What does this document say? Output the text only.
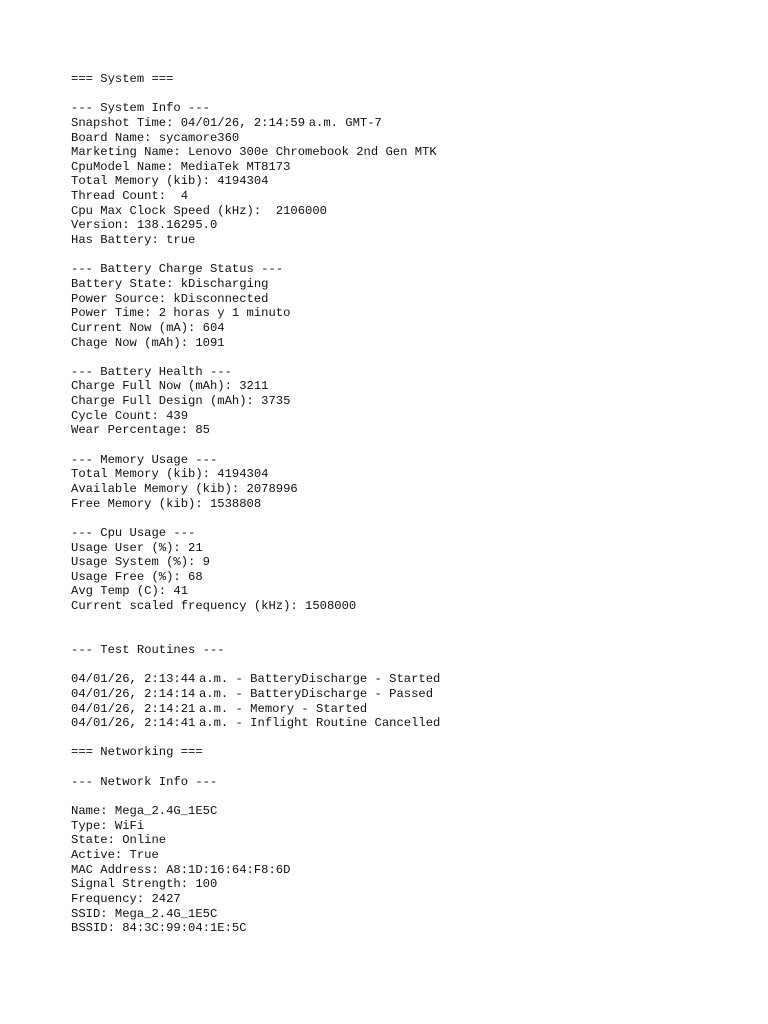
=== System ===
--- System Info ---
Snapshot Time: 04/01/26, 2:14:59 a.m. GMT-7
Board Name: sycamore360
Marketing Name: Lenovo 300e Chromebook 2nd Gen MTK
CpuModel Name: MediaTek MT8173
Total Memory (kib): 4194304
Thread Count:  4
Cpu Max Clock Speed (kHz):  2106000
Version: 138.16295.0
Has Battery: true
--- Battery Charge Status ---
Battery State: kDischarging
Power Source: kDisconnected
Power Time: 2 horas y 1 minuto
Current Now (mA): 604
Chage Now (mAh): 1091
--- Battery Health ---
Charge Full Now (mAh): 3211
Charge Full Design (mAh): 3735
Cycle Count: 439
Wear Percentage: 85
--- Memory Usage ---
Total Memory (kib): 4194304
Available Memory (kib): 2078996
Free Memory (kib): 1538808
--- Cpu Usage ---
Usage User (%): 21
Usage System (%): 9
Usage Free (%): 68
Avg Temp (C): 41
Current scaled frequency (kHz): 1508000
--- Test Routines ---
04/01/26, 2:13:44 a.m. - BatteryDischarge - Started
04/01/26, 2:14:14 a.m. - BatteryDischarge - Passed
04/01/26, 2:14:21 a.m. - Memory - Started
04/01/26, 2:14:41 a.m. - Inflight Routine Cancelled
=== Networking ===
--- Network Info ---
Name: Mega_2.4G_1E5C
Type: WiFi
State: Online
Active: True
MAC Address: A8:1D:16:64:F8:6D
Signal Strength: 100
Frequency: 2427
SSID: Mega_2.4G_1E5C
BSSID: 84:3C:99:04:1E:5C
